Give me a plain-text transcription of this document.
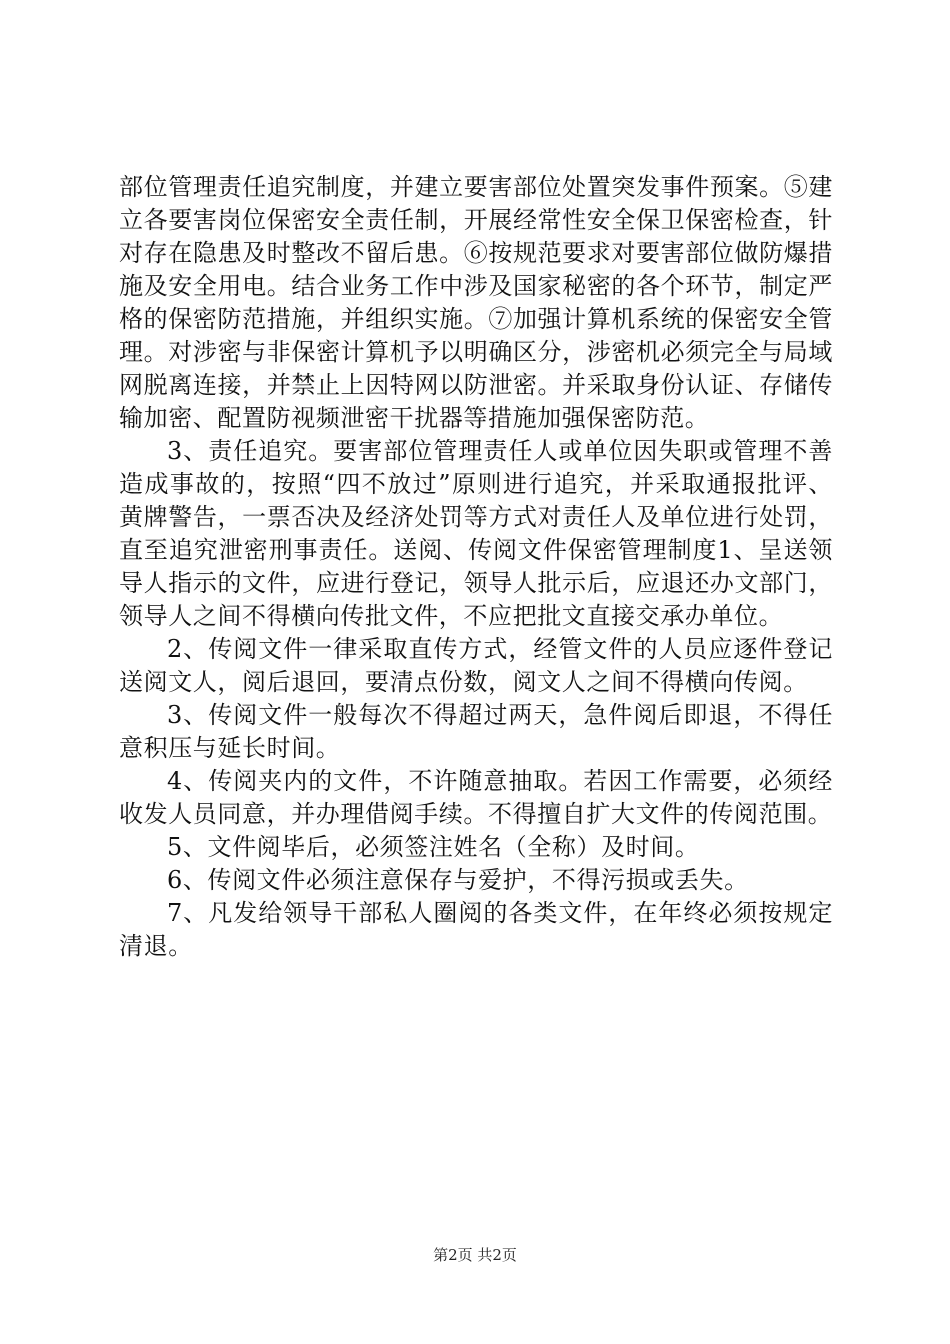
部位管理责任追究制度，并建立要害部位处置突发事件预案。⑤建立各要害岗位保密安全责任制，开展经常性安全保卫保密检查，针对存在隐患及时整改不留后患。⑥按规范要求对要害部位做防爆措施及安全用电。结合业务工作中涉及国家秘密的各个环节，制定严格的保密防范措施，并组织实施。⑦加强计算机系统的保密安全管理。对涉密与非保密计算机予以明确区分，涉密机必须完全与局域网脱离连接，并禁止上因特网以防泄密。并采取身份认证、存储传输加密、配置防视频泄密干扰器等措施加强保密防范。

3、责任追究。要害部位管理责任人或单位因失职或管理不善造成事故的，按照“四不放过”原则进行追究，并采取通报批评、黄牌警告，一票否决及经济处罚等方式对责任人及单位进行处罚，直至追究泄密刑事责任。送阅、传阅文件保密管理制度1、呈送领导人指示的文件，应进行登记，领导人批示后，应退还办文部门，领导人之间不得横向传批文件，不应把批文直接交承办单位。

2、传阅文件一律采取直传方式，经管文件的人员应逐件登记送阅文人，阅后退回，要清点份数，阅文人之间不得横向传阅。

3、传阅文件一般每次不得超过两天，急件阅后即退，不得任意积压与延长时间。

4、传阅夹内的文件，不许随意抽取。若因工作需要，必须经收发人员同意，并办理借阅手续。不得擅自扩大文件的传阅范围。

5、文件阅毕后，必须签注姓名（全称）及时间。

6、传阅文件必须注意保存与爱护，不得污损或丢失。

7、凡发给领导干部私人圈阅的各类文件，在年终必须按规定清退。

第2页 共2页
